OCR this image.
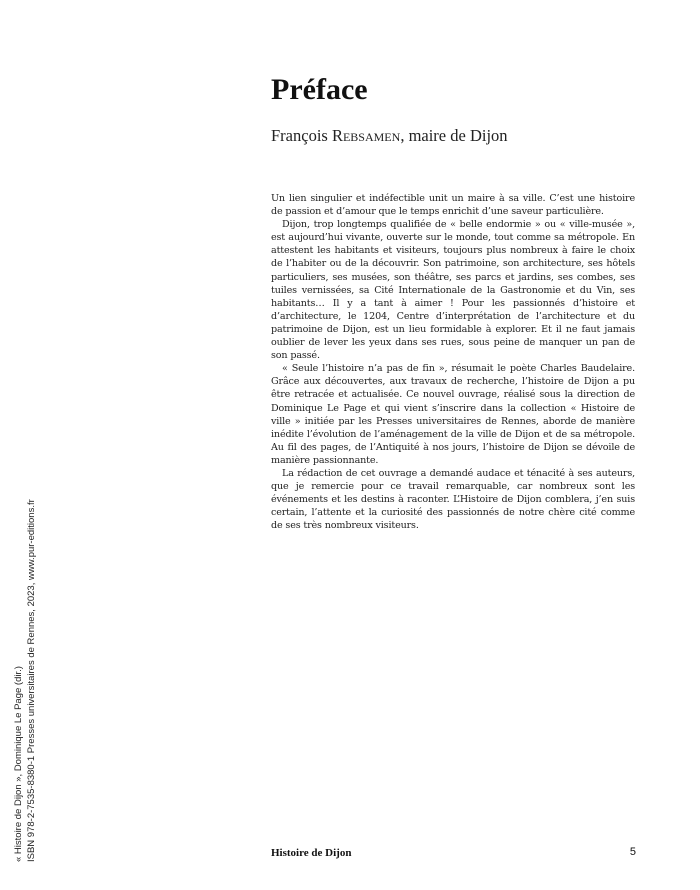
Préface

François Rebsamen, maire de Dijon

Un lien singulier et indéfectible unit un maire à sa ville. C’est une histoire de passion et d’amour que le temps enrichit d’une saveur particulière.

Dijon, trop longtemps qualifiée de « belle endormie » ou « ville-musée », est aujourd’hui vivante, ouverte sur le monde, tout comme sa métropole. En attestent les habitants et visiteurs, toujours plus nombreux à faire le choix de l’habiter ou de la découvrir. Son patrimoine, son architecture, ses hôtels particuliers, ses musées, son théâtre, ses parcs et jardins, ses combes, ses tuiles vernissées, sa Cité Internationale de la Gastronomie et du Vin, ses habitants… Il y a tant à aimer ! Pour les passionnés d’histoire et d’architecture, le 1204, Centre d’interprétation de l’architecture et du patrimoine de Dijon, est un lieu formidable à explorer. Et il ne faut jamais oublier de lever les yeux dans ses rues, sous peine de manquer un pan de son passé.

« Seule l’histoire n’a pas de fin », résumait le poète Charles Baudelaire. Grâce aux découvertes, aux travaux de recherche, l’histoire de Dijon a pu être retracée et actualisée. Ce nouvel ouvrage, réalisé sous la direction de Dominique Le Page et qui vient s’inscrire dans la collection « Histoire de ville » initiée par les Presses universitaires de Rennes, aborde de manière inédite l’évolution de l’aménagement de la ville de Dijon et de sa métropole. Au fil des pages, de l’Antiquité à nos jours, l’histoire de Dijon se dévoile de manière passionnante.

La rédaction de cet ouvrage a demandé audace et ténacité à ses auteurs, que je remercie pour ce travail remarquable, car nombreux sont les événements et les destins à raconter. L’Histoire de Dijon comblera, j’en suis certain, l’attente et la curiosité des passionnés de notre chère cité comme de ses très nombreux visiteurs.

« Histoire de Dijon », Dominique Le Page (dir.) ISBN 978-2-7535-8380-1 Presses universitaires de Rennes, 2023, www.pur-editions.fr	Histoire de Dijon	5
